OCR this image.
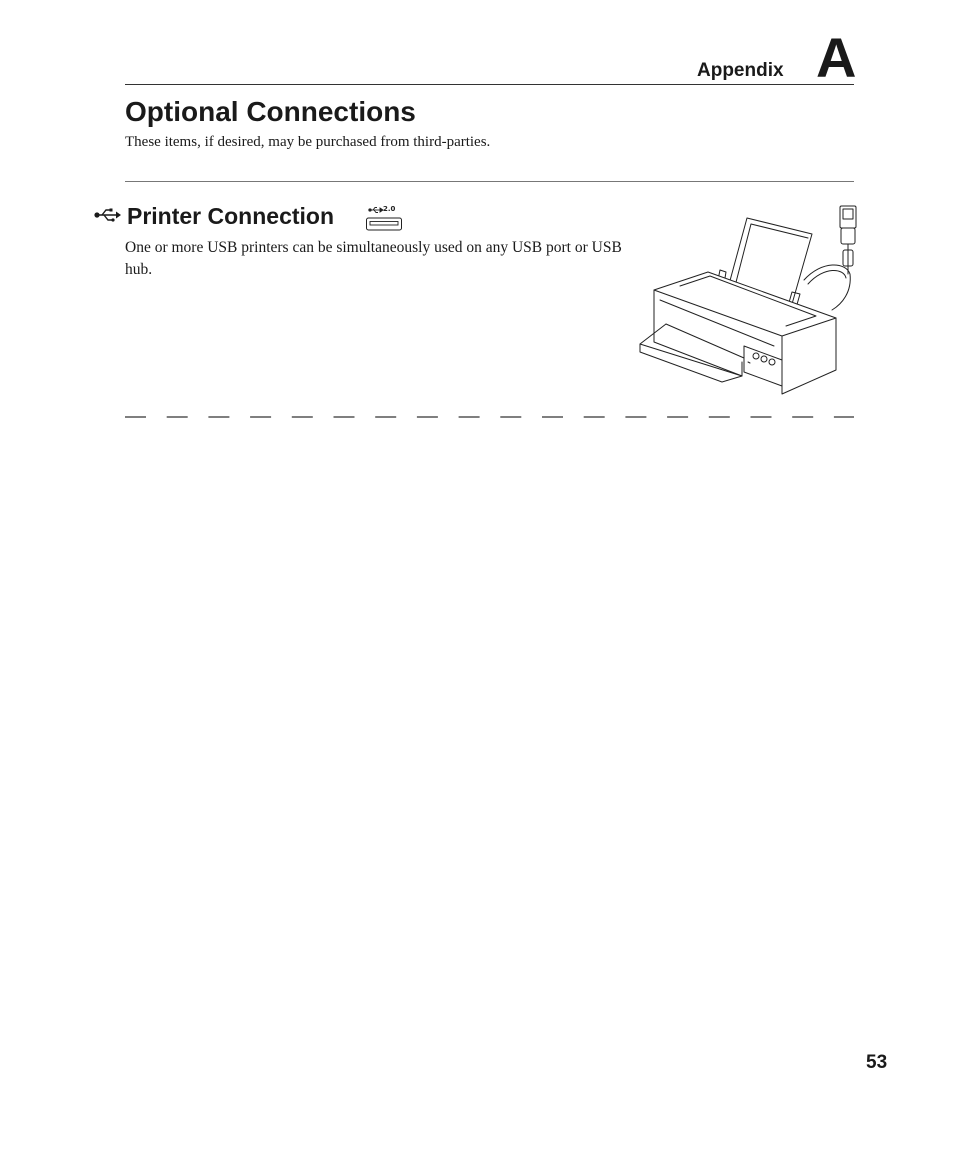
Appendix A
Optional Connections

These items, if desired, may be purchased from third-parties.

Printer Connection	2.0

One or more USB printers can be simultaneously used on any USB port or USB hub.

53
